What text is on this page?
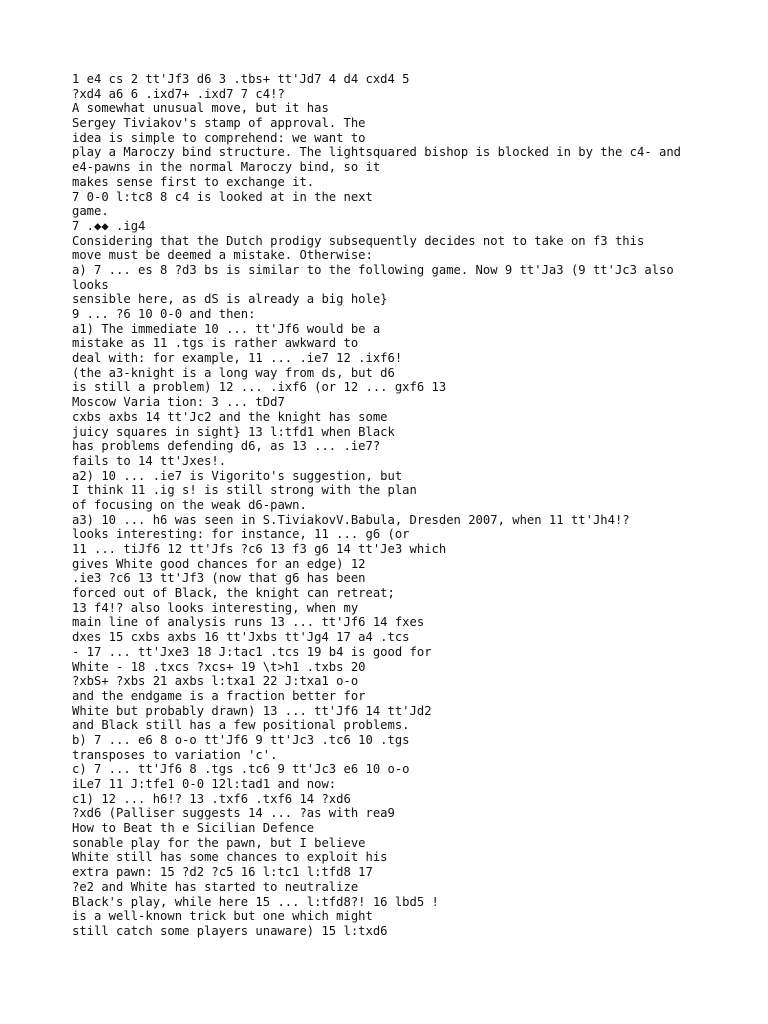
1 e4 cs 2 tt'Jf3 d6 3 .tbs+ tt'Jd7 4 d4 cxd4 5
?xd4 a6 6 .ixd7+ .ixd7 7 c4!?
A somewhat unusual move, but it has
Sergey Tiviakov's stamp of approval. The
idea is simple to comprehend: we want to
play a Maroczy bind structure. The lightsquared bishop is blocked in by the c4- and
e4-pawns in the normal Maroczy bind, so it
makes sense first to exchange it.
7 0-0 l:tc8 8 c4 is looked at in the next
game.
7 .◆◆ .ig4
Considering that the Dutch prodigy subsequently decides not to take on f3 this
move must be deemed a mistake. Otherwise:
a) 7 ... es 8 ?d3 bs is similar to the following game. Now 9 tt'Ja3 (9 tt'Jc3 also
looks
sensible here, as dS is already a big hole}
9 ... ?6 10 0-0 and then:
a1) The immediate 10 ... tt'Jf6 would be a
mistake as 11 .tgs is rather awkward to
deal with: for example, 11 ... .ie7 12 .ixf6!
(the a3-knight is a long way from ds, but d6
is still a problem) 12 ... .ixf6 (or 12 ... gxf6 13
Moscow Varia tion: 3 ... tDd7
cxbs axbs 14 tt'Jc2 and the knight has some
juicy squares in sight} 13 l:tfd1 when Black
has problems defending d6, as 13 ... .ie7?
fails to 14 tt'Jxes!.
a2) 10 ... .ie7 is Vigorito's suggestion, but
I think 11 .ig s! is still strong with the plan
of focusing on the weak d6-pawn.
a3) 10 ... h6 was seen in S.TiviakovV.Babula, Dresden 2007, when 11 tt'Jh4!?
looks interesting: for instance, 11 ... g6 (or
11 ... tiJf6 12 tt'Jfs ?c6 13 f3 g6 14 tt'Je3 which
gives White good chances for an edge) 12
.ie3 ?c6 13 tt'Jf3 (now that g6 has been
forced out of Black, the knight can retreat;
13 f4!? also looks interesting, when my
main line of analysis runs 13 ... tt'Jf6 14 fxes
dxes 15 cxbs axbs 16 tt'Jxbs tt'Jg4 17 a4 .tcs
- 17 ... tt'Jxe3 18 J:tac1 .tcs 19 b4 is good for
White - 18 .txcs ?xcs+ 19 \t>h1 .txbs 20
?xbS+ ?xbs 21 axbs l:txa1 22 J:txa1 o-o
and the endgame is a fraction better for
White but probably drawn) 13 ... tt'Jf6 14 tt'Jd2
and Black still has a few positional problems.
b) 7 ... e6 8 o-o tt'Jf6 9 tt'Jc3 .tc6 10 .tgs
transposes to variation 'c'.
c) 7 ... tt'Jf6 8 .tgs .tc6 9 tt'Jc3 e6 10 o-o
iLe7 11 J:tfe1 0-0 12l:tad1 and now:
c1) 12 ... h6!? 13 .txf6 .txf6 14 ?xd6
?xd6 (Palliser suggests 14 ... ?as with rea9
How to Beat th e Sicilian Defence
sonable play for the pawn, but I believe
White still has some chances to exploit his
extra pawn: 15 ?d2 ?c5 16 l:tc1 l:tfd8 17
?e2 and White has started to neutralize
Black's play, while here 15 ... l:tfd8?! 16 lbd5 !
is a well-known trick but one which might
still catch some players unaware) 15 l:txd6
